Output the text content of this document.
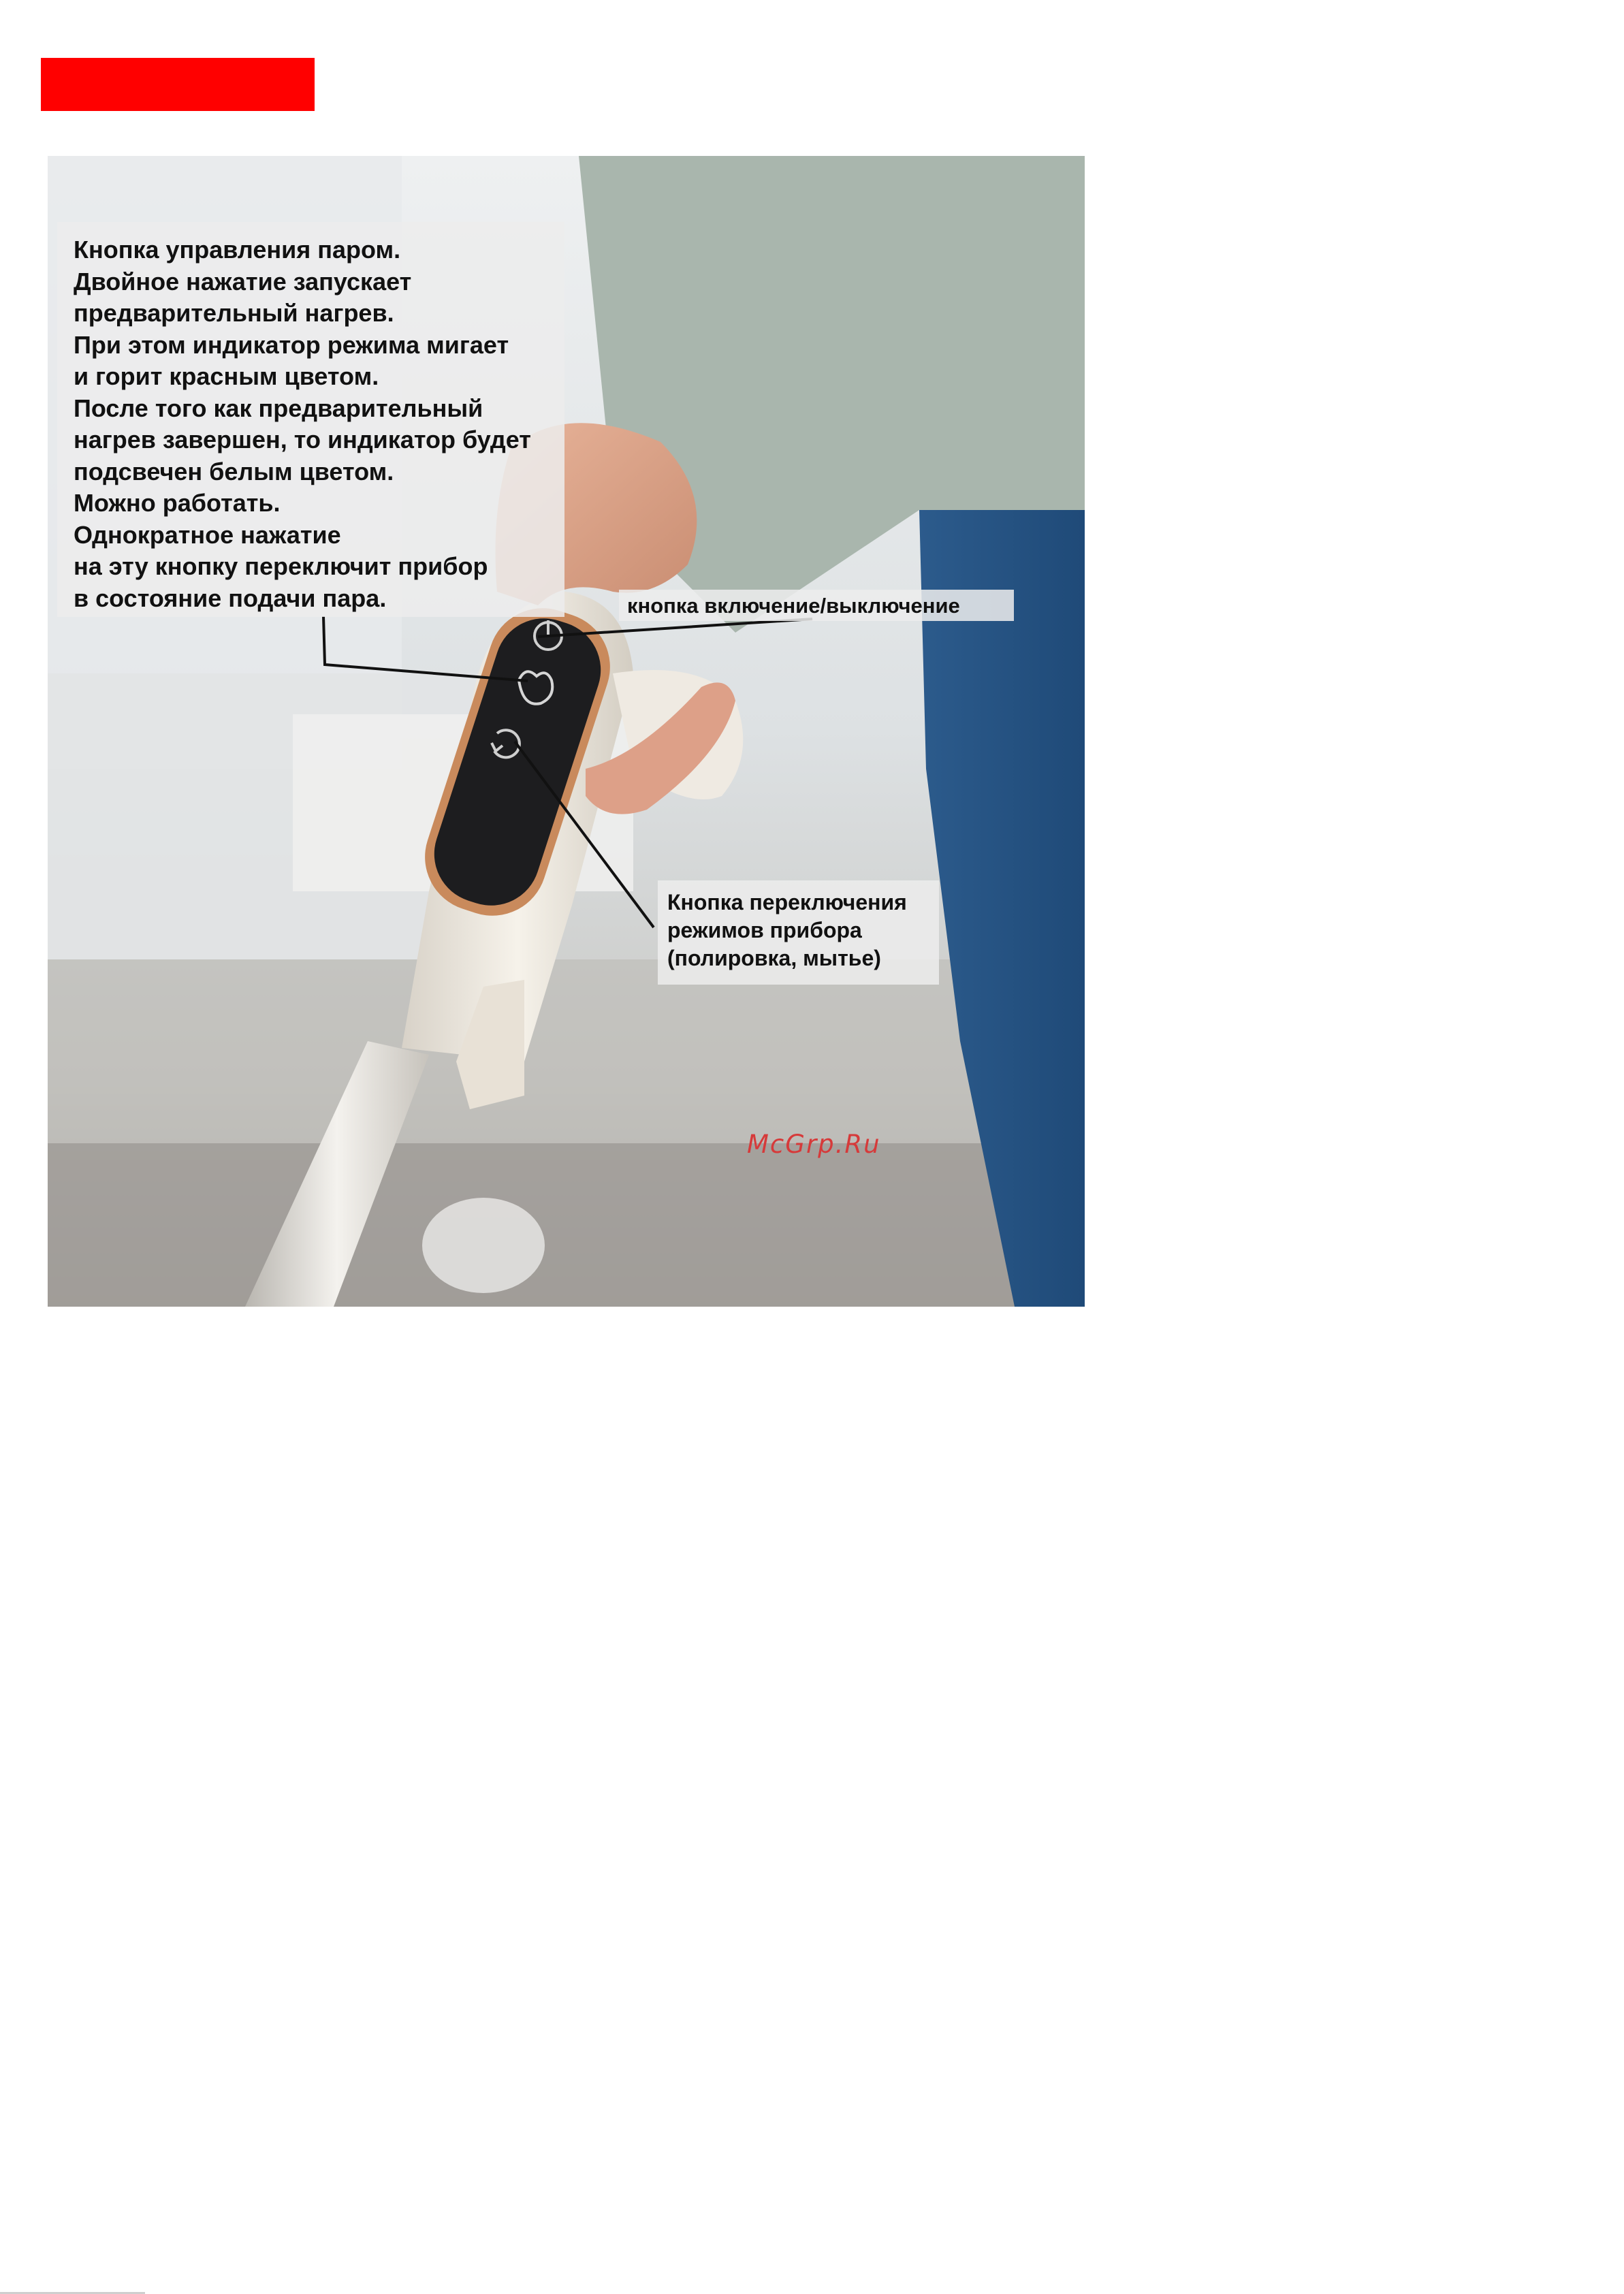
Кнопка управления паром.
Двойное нажатие запускает
предварительный нагрев.
При этом индикатор режима мигает
и горит красным цветом.
После того как предварительный
нагрев завершен, то индикатор будет
подсвечен белым цветом.
Можно работать.
Однократное нажатие
на эту кнопку переключит прибор
в состояние подачи пара.	кнопка включение/выключение
Кнопка переключения
режимов прибора
(полировка, мытье)
McGrp.Ru
